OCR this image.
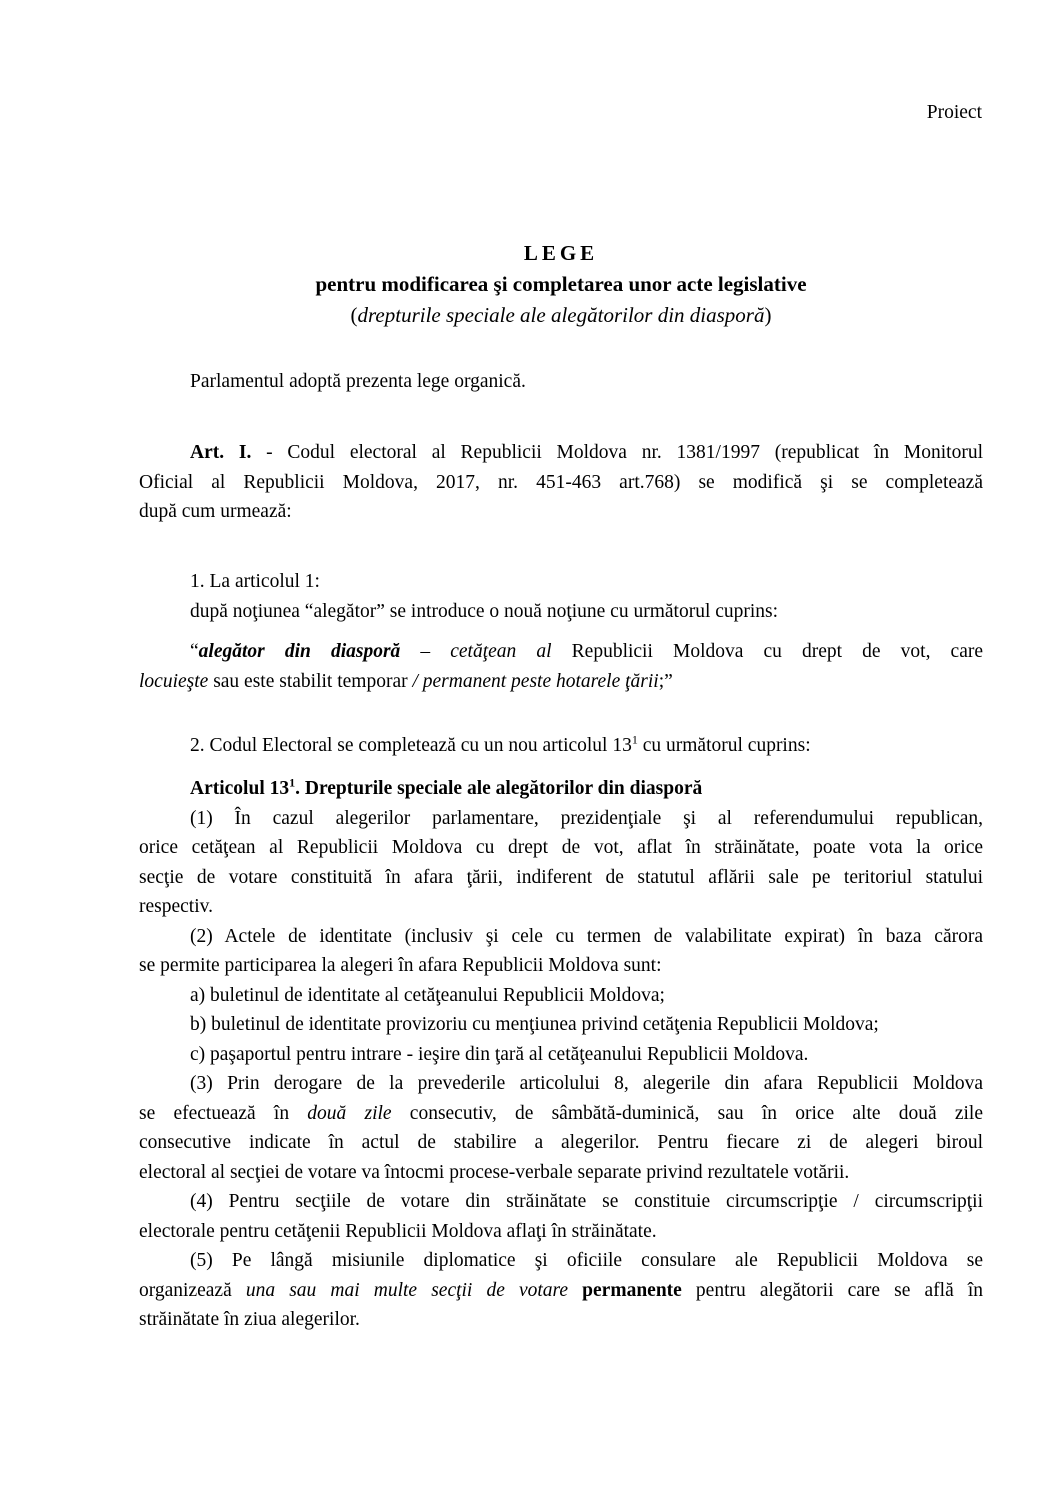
Proiect
LEGE
pentru modificarea şi completarea unor acte legislative
(drepturile speciale ale alegătorilor din diasporă)
Parlamentul adoptă prezenta lege organică.
Art. I. - Codul electoral al Republicii Moldova nr. 1381/1997 (republicat în Monitorul
Oficial al Republicii Moldova, 2017, nr. 451-463 art.768) se modifică şi se completează
după cum urmează:
1. La articolul 1:
după noţiunea “alegător” se introduce o nouă noţiune cu următorul cuprins:
“alegător din diasporă – cetăţean al Republicii Moldova cu drept de vot, care
locuieşte sau este stabilit temporar / permanent peste hotarele ţării;”
2. Codul Electoral se completează cu un nou articolul $13^1$ cu următorul cuprins:
Articolul $13^1$. Drepturile speciale ale alegătorilor din diasporă
(1) În cazul alegerilor parlamentare, prezidenţiale şi al referendumului republican,
orice cetăţean al Republicii Moldova cu drept de vot, aflat în străinătate, poate vota la orice
secţie de votare constituită în afara ţării, indiferent de statutul aflării sale pe teritoriul statului
respectiv.
(2) Actele de identitate (inclusiv şi cele cu termen de valabilitate expirat) în baza cărora
se permite participarea la alegeri în afara Republicii Moldova sunt:
a) buletinul de identitate al cetăţeanului Republicii Moldova;
b) buletinul de identitate provizoriu cu menţiunea privind cetăţenia Republicii Moldova;
c) paşaportul pentru intrare - ieşire din ţară al cetăţeanului Republicii Moldova.
(3) Prin derogare de la prevederile articolului 8, alegerile din afara Republicii Moldova
se efectuează în două zile consecutiv, de sâmbătă-duminică, sau în orice alte două zile
consecutive indicate în actul de stabilire a alegerilor. Pentru fiecare zi de alegeri biroul
electoral al secţiei de votare va întocmi procese-verbale separate privind rezultatele votării.
(4) Pentru secţiile de votare din străinătate se constituie circumscripţie / circumscripţii
electorale pentru cetăţenii Republicii Moldova aflaţi în străinătate.
(5) Pe lângă misiunile diplomatice şi oficiile consulare ale Republicii Moldova se
organizează una sau mai multe secţii de votare permanente pentru alegătorii care se află în
străinătate în ziua alegerilor.
